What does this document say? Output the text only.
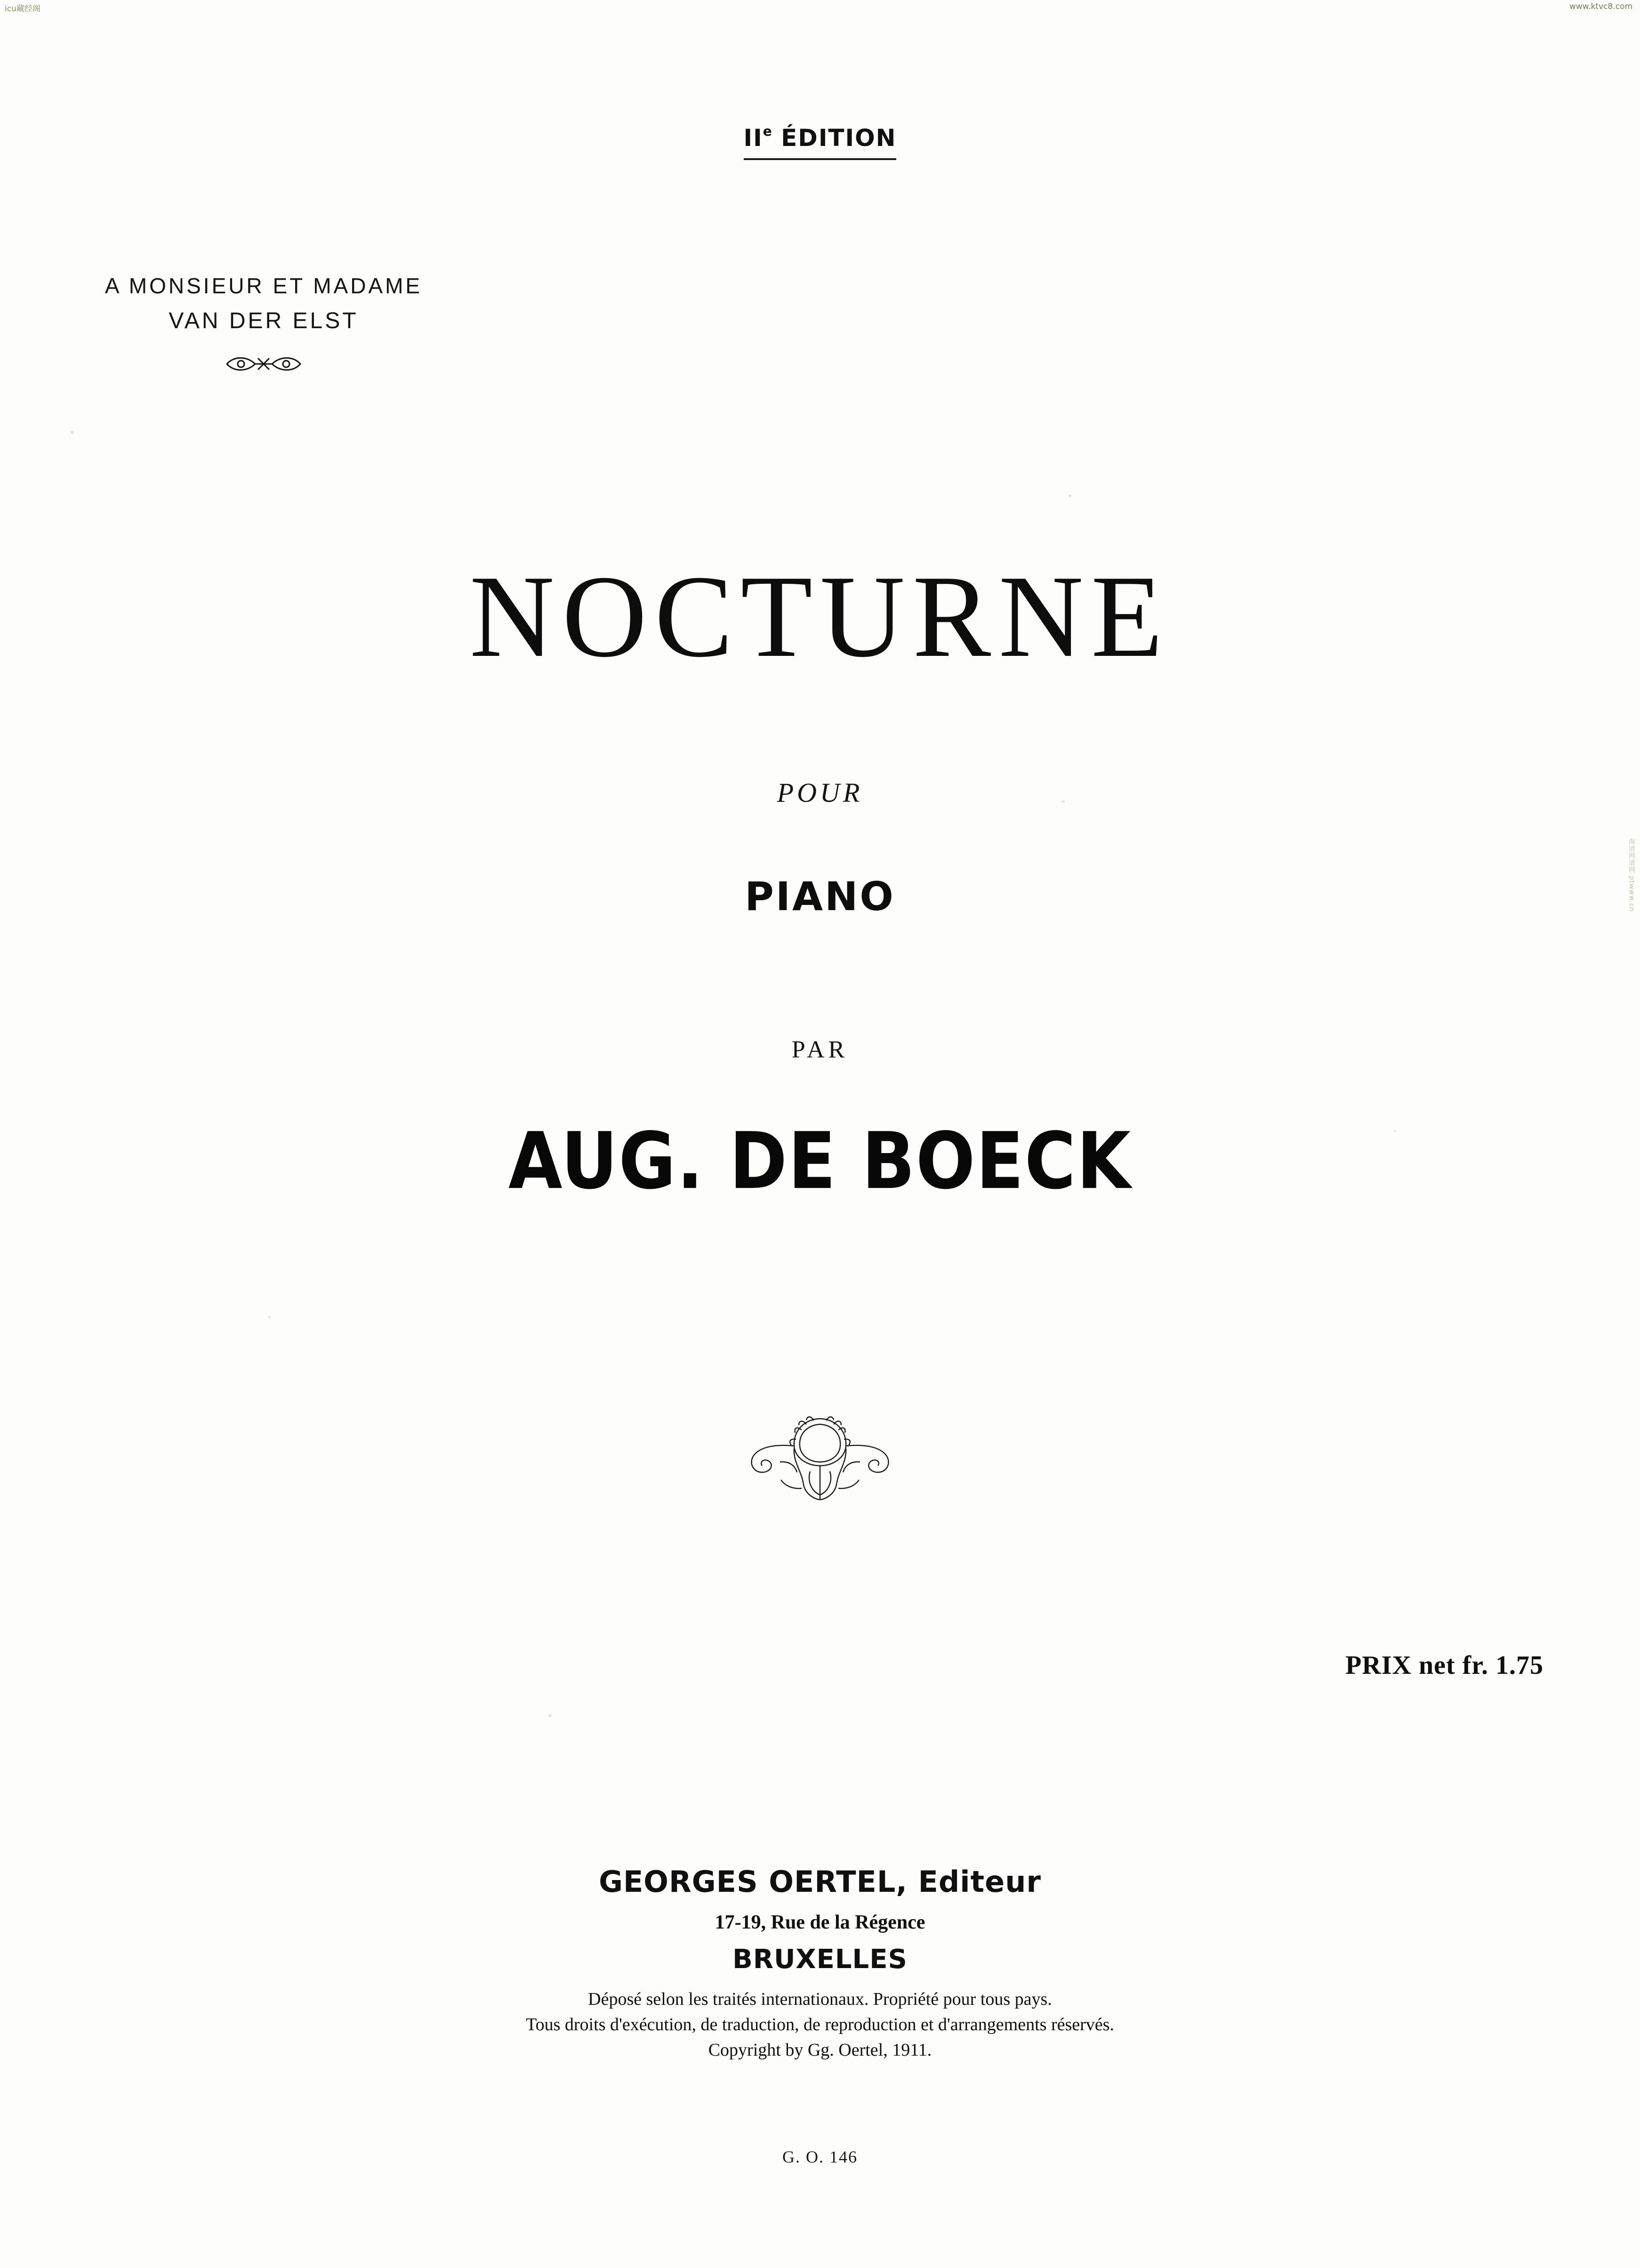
icu藏经阁	www.ktvc8.com
淘谱网谱网 ptwww.cn
IIe ÉDITION
A MONSIEUR ET MADAME
VAN DER ELST
NOCTURNE
POUR
PIANO
PAR
AUG. DE BOECK
PRIX net fr. 1.75
GEORGES OERTEL, Editeur
17-19, Rue de la Régence
BRUXELLES
Déposé selon les traités internationaux. Propriété pour tous pays.
Tous droits d'exécution, de traduction, de reproduction et d'arrangements réservés.
Copyright by Gg. Oertel, 1911.
G. O. 146
